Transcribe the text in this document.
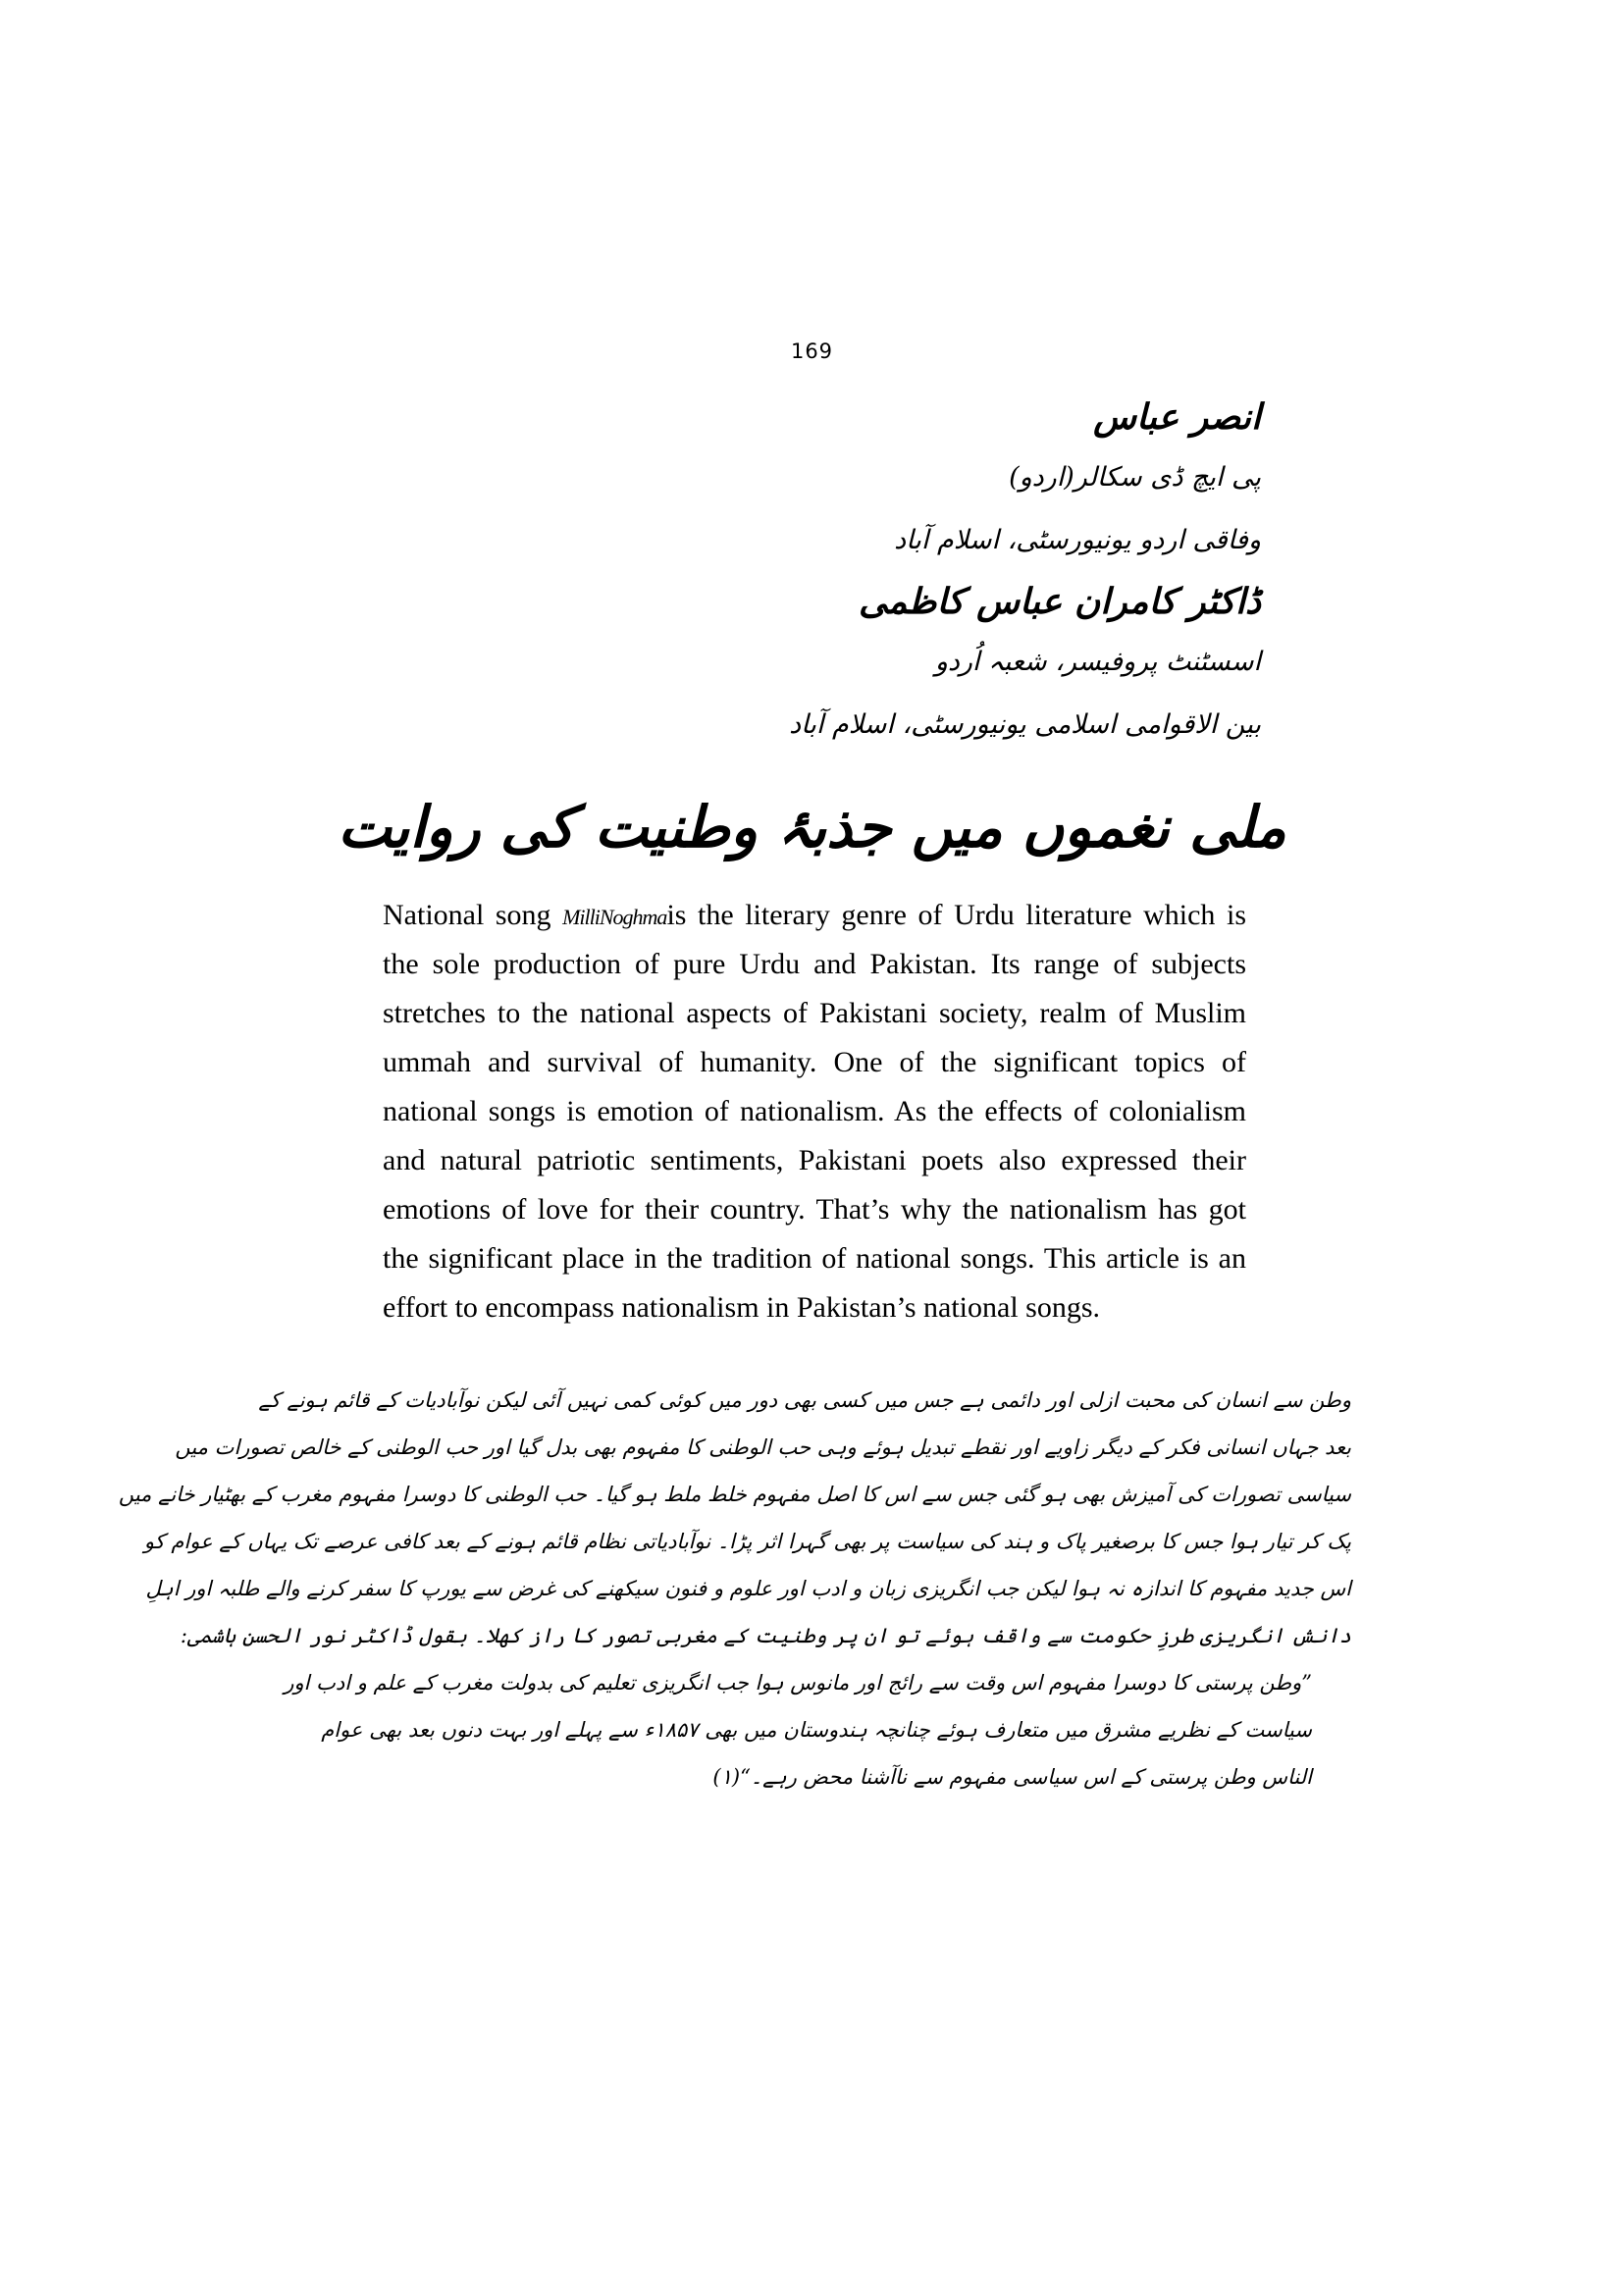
169
انصر عباس
پی ایچ ڈی سکالر(اردو)
وفاقی اردو یونیورسٹی، اسلام آباد
ڈاکٹر کامران عباس کاظمی
اسسٹنٹ پروفیسر، شعبہ اُردو
بین الاقوامی اسلامی یونیورسٹی، اسلام آباد
ملی نغموں میں جذبۂ وطنیت کی روایت
National song MilliNoghmais the literary genre of Urdu literature which is
the sole production of pure Urdu and Pakistan. Its range of subjects
stretches to the national aspects of Pakistani society, realm of Muslim
ummah and survival of humanity. One of the significant topics of
national songs is emotion of nationalism. As the effects of colonialism
and natural patriotic sentiments, Pakistani poets also expressed their
emotions of love for their country. That’s why the nationalism has got
the significant place in the tradition of national songs. This article is an
effort to encompass nationalism in Pakistan’s national songs.
وطن سے انسان کی محبت ازلی اور دائمی ہے جس میں کسی بھی دور میں کوئی کمی نہیں آئی لیکن نوآبادیات کے قائم ہونے کے
بعد جہاں انسانی فکر کے دیگر زاویے اور نقطے تبدیل ہوئے وہی حب الوطنی کا مفہوم بھی بدل گیا اور حب الوطنی کے خالص تصورات میں
سیاسی تصورات کی آمیزش بھی ہو گئی جس سے اس کا اصل مفہوم خلط ملط ہو گیا۔ حب الوطنی کا دوسرا مفہوم مغرب کے بھٹیار خانے میں
پک کر تیار ہوا جس کا برصغیر پاک و ہند کی سیاست پر بھی گہرا اثر پڑا۔ نوآبادیاتی نظام قائم ہونے کے بعد کافی عرصے تک یہاں کے عوام کو
اس جدید مفہوم کا اندازہ نہ ہوا لیکن جب انگریزی زبان و ادب اور علوم و فنون سیکھنے کی غرض سے یورپ کا سفر کرنے والے طلبہ اور اہلِ
دانش انگریزی طرزِ حکومت سے واقف ہوئے تو ان پر وطنیت کے مغربی تصور کا راز کھلا۔ بقول ڈاکٹر نور الحسن ہاشمی:
”وطن پرستی کا دوسرا مفہوم اس وقت سے رائج اور مانوس ہوا جب انگریزی تعلیم کی بدولت مغرب کے علم و ادب اور
سیاست کے نظریے مشرق میں متعارف ہوئے چنانچہ ہندوستان میں بھی ۱۸۵۷ء سے پہلے اور بہت دنوں بعد بھی عوام
الناس وطن پرستی کے اس سیاسی مفہوم سے ناآشنا محض رہے۔“(۱)
